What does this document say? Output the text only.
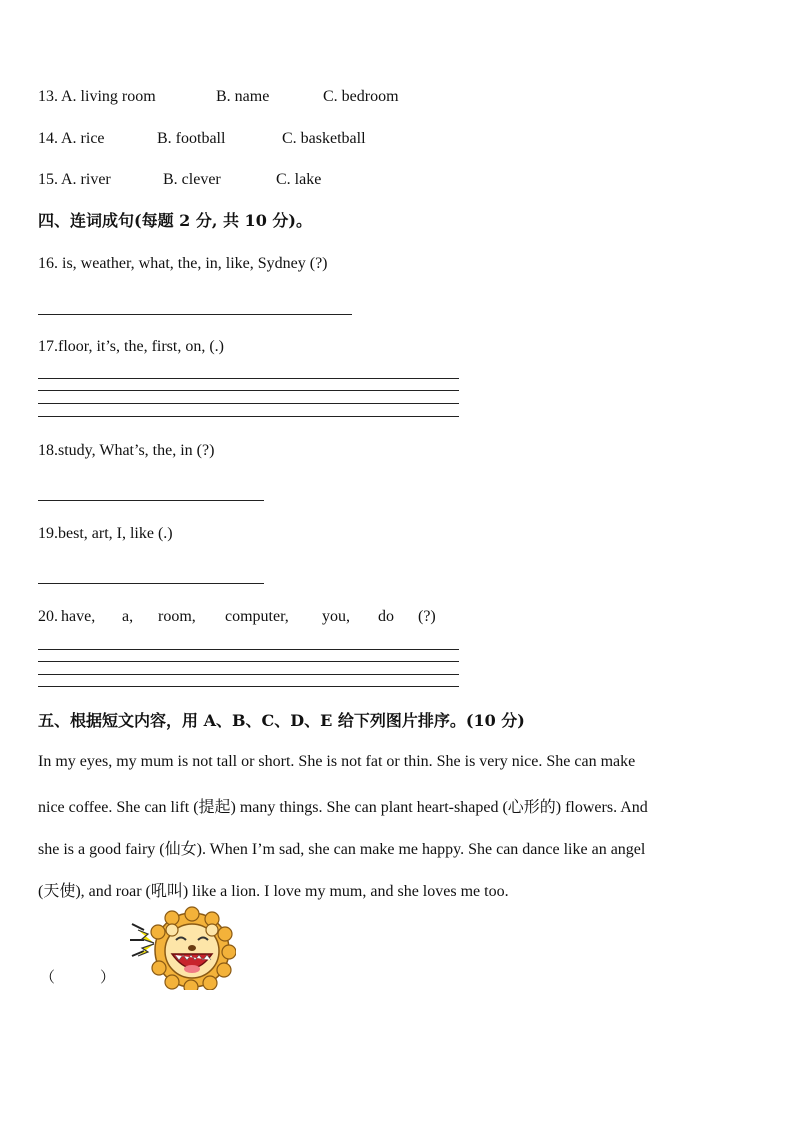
13. A. living room	B. name	C. bedroom
14. A. rice	B. football	C. basketball
15. A. river	B. clever	C. lake
四、连词成句(每题 2 分, 共 10 分)。
16. is, weather, what, the, in, like, Sydney (?)
17.floor, it’s, the, first, on, (.)
18.study, What’s, the, in (?)
19.best, art, I, like (.)
20. have, a, room, computer, you, do (?)
五、根据短文内容，用 A、B、C、D、E 给下列图片排序。(10 分)
In my eyes, my mum is not tall or short. She is not fat or thin. She is very nice. She can make
nice coffee. She can lift (提起) many things. She can plant heart-shaped (心形的) flowers. And
she is a good fairy (仙女). When I’m sad, she can make me happy. She can dance like an angel
(天使), and roar (吼叫) like a lion. I love my mum, and she loves me too.
（　　　）
